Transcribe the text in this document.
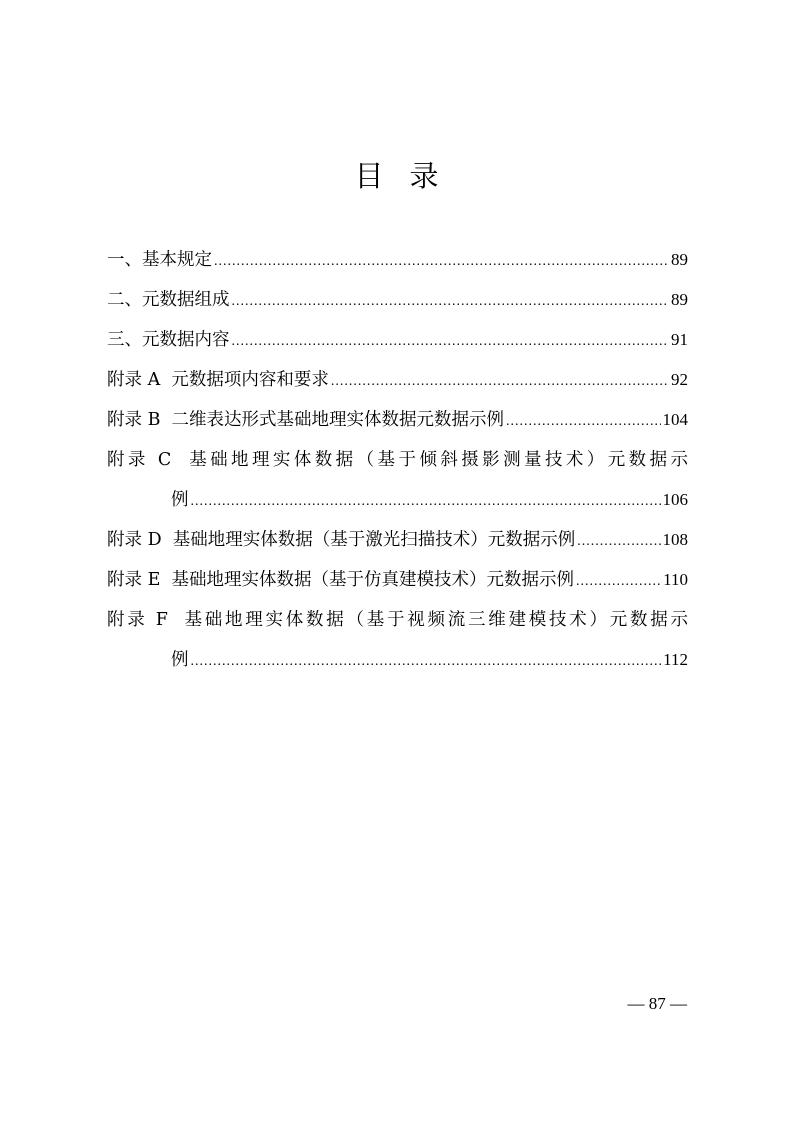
目录
一、基本规定 .....	89
二、元数据组成 .....	89
三、元数据内容 .....	91
附录 A  元数据项内容和要求 .....	92
附录 B  二维表达形式基础地理实体数据元数据示例 .....	104
附录 C  基础地理实体数据（基于倾斜摄影测量技术）元数据示
例 .....	106
附录 D  基础地理实体数据（基于激光扫描技术）元数据示例 .....	108
附录 E  基础地理实体数据（基于仿真建模技术）元数据示例 .....	110
附录 F  基础地理实体数据（基于视频流三维建模技术）元数据示
例 .....	112
— 87 —
